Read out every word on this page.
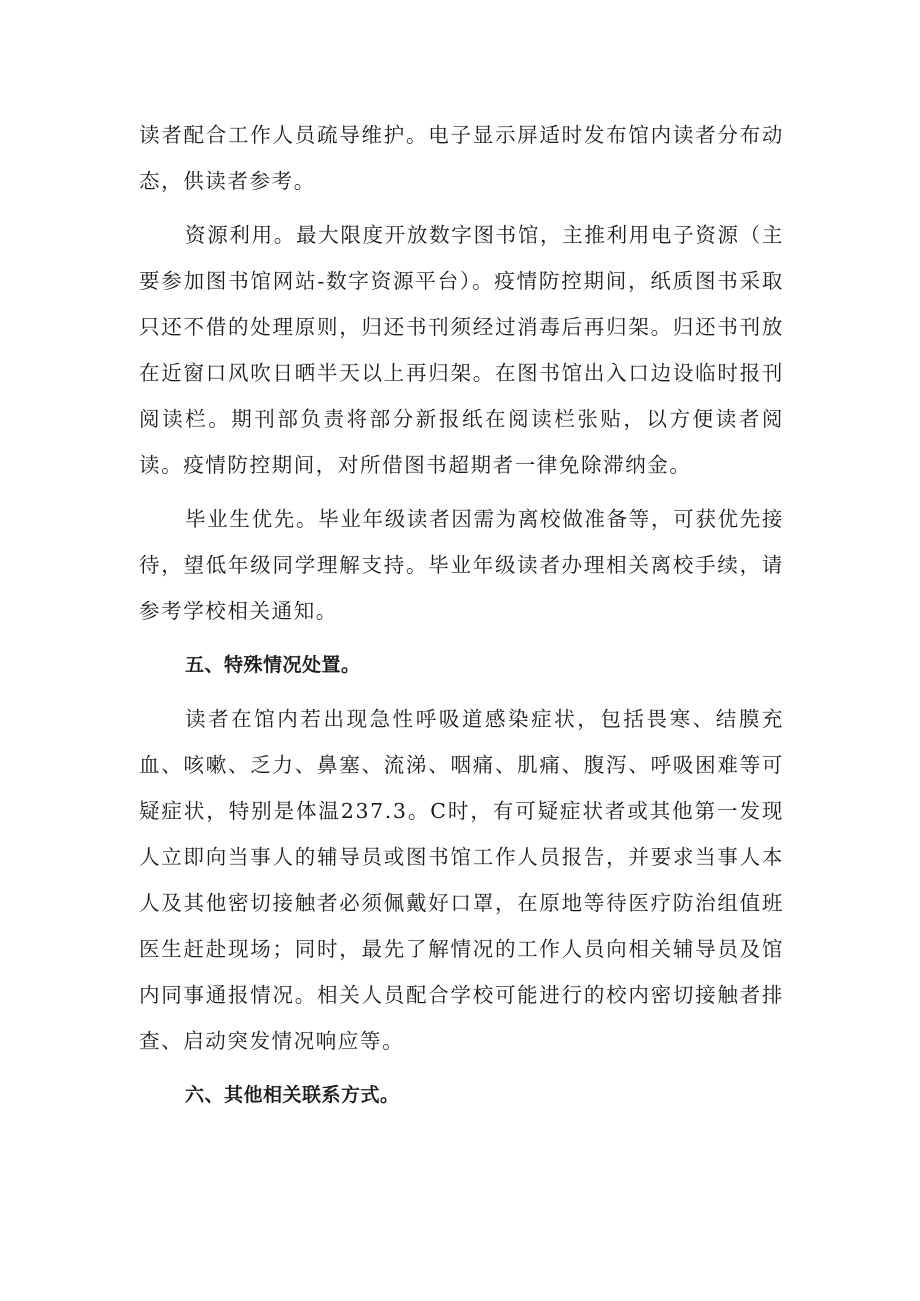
读者配合工作人员疏导维护。电子显示屏适时发布馆内读者分布动态，供读者参考。

资源利用。最大限度开放数字图书馆，主推利用电子资源（主要参加图书馆网站-数字资源平台）。疫情防控期间，纸质图书采取只还不借的处理原则，归还书刊须经过消毒后再归架。归还书刊放在近窗口风吹日晒半天以上再归架。在图书馆出入口边设临时报刊阅读栏。期刊部负责将部分新报纸在阅读栏张贴，以方便读者阅读。疫情防控期间，对所借图书超期者一律免除滞纳金。

毕业生优先。毕业年级读者因需为离校做准备等，可获优先接待，望低年级同学理解支持。毕业年级读者办理相关离校手续，请参考学校相关通知。

五、特殊情况处置。

读者在馆内若出现急性呼吸道感染症状，包括畏寒、结膜充血、咳嗽、乏力、鼻塞、流涕、咽痛、肌痛、腹泻、呼吸困难等可疑症状，特别是体温237.3。C时，有可疑症状者或其他第一发现人立即向当事人的辅导员或图书馆工作人员报告，并要求当事人本人及其他密切接触者必须佩戴好口罩，在原地等待医疗防治组值班医生赶赴现场；同时，最先了解情况的工作人员向相关辅导员及馆内同事通报情况。相关人员配合学校可能进行的校内密切接触者排查、启动突发情况响应等。

六、其他相关联系方式。
